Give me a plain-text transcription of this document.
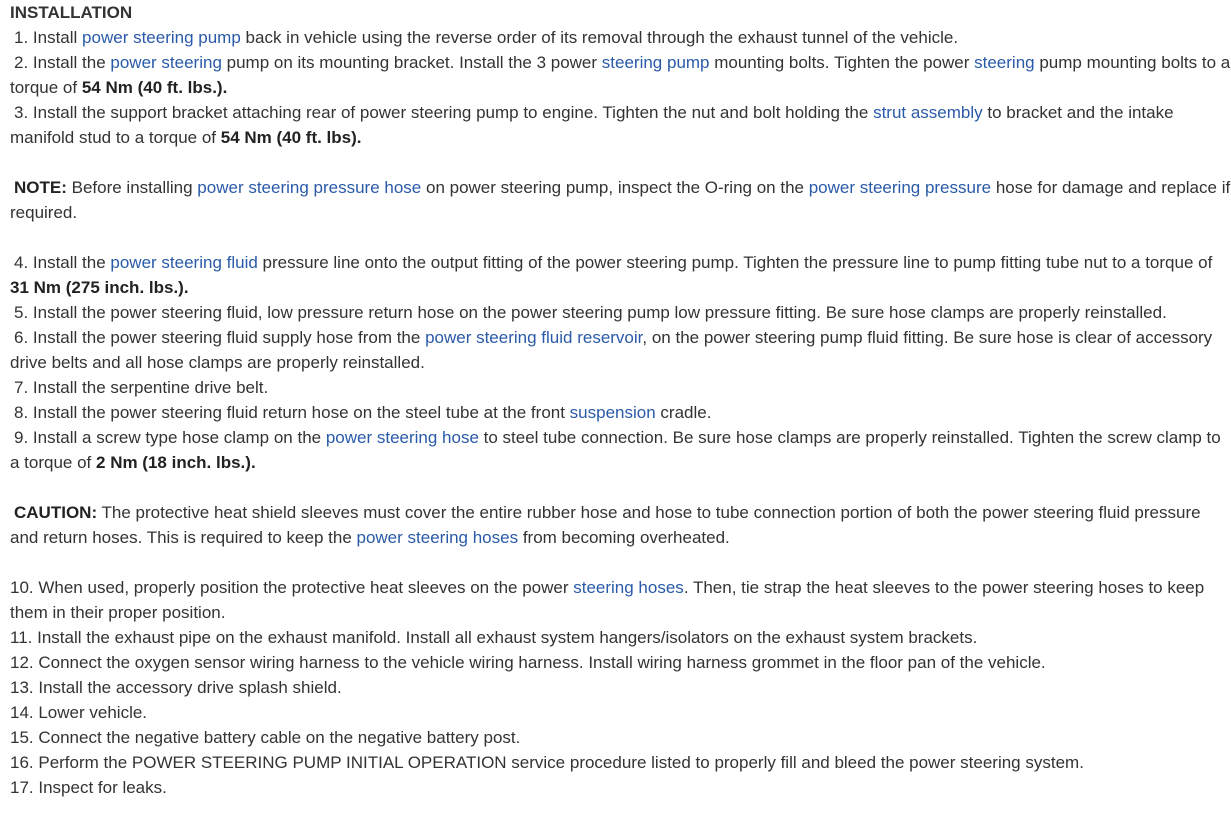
INSTALLATION

1. Install power steering pump back in vehicle using the reverse order of its removal through the exhaust tunnel of the vehicle.

2. Install the power steering pump on its mounting bracket. Install the 3 power steering pump mounting bolts. Tighten the power steering pump mounting bolts to a torque of 54 Nm (40 ft. lbs.).

3. Install the support bracket attaching rear of power steering pump to engine. Tighten the nut and bolt holding the strut assembly to bracket and the intake manifold stud to a torque of 54 Nm (40 ft. lbs).

NOTE: Before installing power steering pressure hose on power steering pump, inspect the O-ring on the power steering pressure hose for damage and replace if required.

4. Install the power steering fluid pressure line onto the output fitting of the power steering pump. Tighten the pressure line to pump fitting tube nut to a torque of 31 Nm (275 inch. lbs.).

5. Install the power steering fluid, low pressure return hose on the power steering pump low pressure fitting. Be sure hose clamps are properly reinstalled.

6. Install the power steering fluid supply hose from the power steering fluid reservoir, on the power steering pump fluid fitting. Be sure hose is clear of accessory drive belts and all hose clamps are properly reinstalled.

7. Install the serpentine drive belt.

8. Install the power steering fluid return hose on the steel tube at the front suspension cradle.

9. Install a screw type hose clamp on the power steering hose to steel tube connection. Be sure hose clamps are properly reinstalled. Tighten the screw clamp to a torque of 2 Nm (18 inch. lbs.).

CAUTION: The protective heat shield sleeves must cover the entire rubber hose and hose to tube connection portion of both the power steering fluid pressure and return hoses. This is required to keep the power steering hoses from becoming overheated.

10. When used, properly position the protective heat sleeves on the power steering hoses. Then, tie strap the heat sleeves to the power steering hoses to keep them in their proper position.

11. Install the exhaust pipe on the exhaust manifold. Install all exhaust system hangers/isolators on the exhaust system brackets.

12. Connect the oxygen sensor wiring harness to the vehicle wiring harness. Install wiring harness grommet in the floor pan of the vehicle.

13. Install the accessory drive splash shield.

14. Lower vehicle.

15. Connect the negative battery cable on the negative battery post.

16. Perform the POWER STEERING PUMP INITIAL OPERATION service procedure listed to properly fill and bleed the power steering system.

17. Inspect for leaks.
